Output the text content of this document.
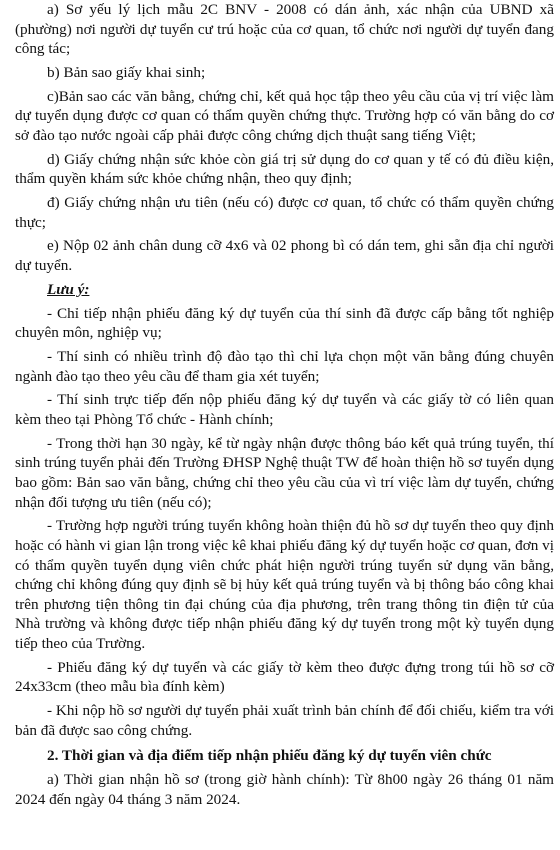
a) Sơ yếu lý lịch mẫu 2C BNV - 2008 có dán ảnh, xác nhận của UBND xã (phường) nơi người dự tuyển cư trú hoặc của cơ quan, tổ chức nơi người dự tuyển đang công tác;

b) Bản sao giấy khai sinh;

c)Bản sao các văn bằng, chứng chỉ, kết quả học tập theo yêu cầu của vị trí việc làm dự tuyển dụng được cơ quan có thẩm quyền chứng thực. Trường hợp có văn bằng do cơ sở đào tạo nước ngoài cấp phải được công chứng dịch thuật sang tiếng Việt;

d) Giấy chứng nhận sức khỏe còn giá trị sử dụng do cơ quan y tế có đủ điều kiện, thẩm quyền khám sức khỏe chứng nhận, theo quy định;

đ) Giấy chứng nhận ưu tiên (nếu có) được cơ quan, tổ chức có thẩm quyền chứng thực;

e) Nộp 02 ảnh chân dung cỡ 4x6 và 02 phong bì có dán tem, ghi sẵn địa chỉ người dự tuyển.

Lưu ý:

- Chỉ tiếp nhận phiếu đăng ký dự tuyển của thí sinh đã được cấp bằng tốt nghiệp chuyên môn, nghiệp vụ;

- Thí sinh có nhiều trình độ đào tạo thì chỉ lựa chọn một văn bằng đúng chuyên ngành đào tạo theo yêu cầu để tham gia xét tuyển;

- Thí sinh trực tiếp đến nộp phiếu đăng ký dự tuyển và các giấy tờ có liên quan kèm theo tại Phòng Tổ chức - Hành chính;

- Trong thời hạn 30 ngày, kể từ ngày nhận được thông báo kết quả trúng tuyển, thí sinh trúng tuyển phải đến Trường ĐHSP Nghệ thuật TW để hoàn thiện hồ sơ tuyển dụng bao gồm: Bản sao văn bằng, chứng chỉ theo yêu cầu của vì trí việc làm dự tuyển, chứng nhận đối tượng ưu tiên (nếu có);

- Trường hợp người trúng tuyển không hoàn thiện đủ hồ sơ dự tuyển theo quy định hoặc có hành vi gian lận trong việc kê khai phiếu đăng ký dự tuyển hoặc cơ quan, đơn vị có thẩm quyền tuyển dụng viên chức phát hiện người trúng tuyển sử dụng văn bằng, chứng chỉ không đúng quy định sẽ bị hủy kết quả trúng tuyển và bị thông báo công khai trên phương tiện thông tin đại chúng của địa phương, trên trang thông tin điện tử của Nhà trường và không được tiếp nhận phiếu đăng ký dự tuyển trong một kỳ tuyển dụng tiếp theo của Trường.

- Phiếu đăng ký dự tuyển và các giấy tờ kèm theo được đựng trong túi hồ sơ cỡ 24x33cm (theo mẫu bìa đính kèm)

- Khi nộp hồ sơ người dự tuyển phải xuất trình bản chính để đối chiếu, kiểm tra với bản đã được sao công chứng.

2. Thời gian và địa điểm tiếp nhận phiếu đăng ký dự tuyển viên chức

a) Thời gian nhận hồ sơ (trong giờ hành chính): Từ 8h00 ngày 26 tháng 01 năm 2024 đến ngày 04 tháng 3 năm 2024.
